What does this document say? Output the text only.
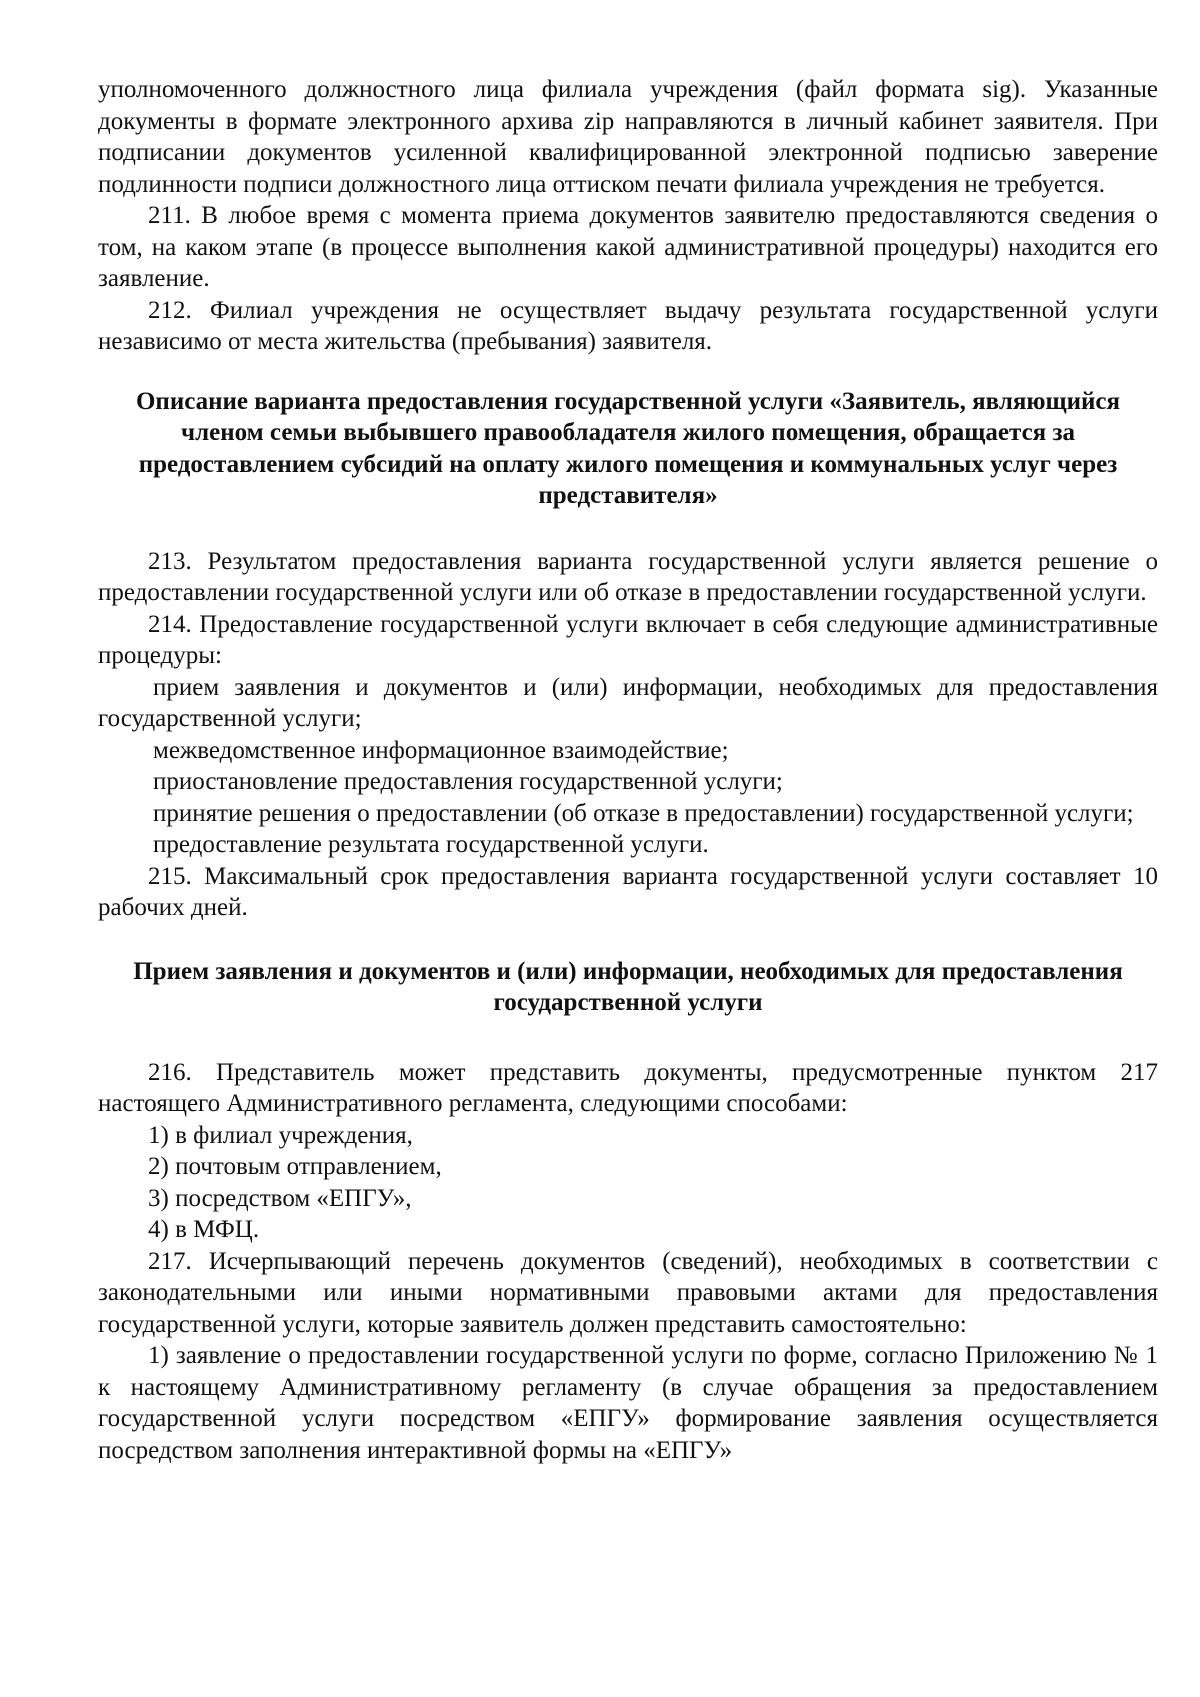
уполномоченного должностного лица филиала учреждения (файл формата sig). Указанные документы в формате электронного архива zip направляются в личный кабинет заявителя. При подписании документов усиленной квалифицированной электронной подписью заверение подлинности подписи должностного лица оттиском печати филиала учреждения не требуется.

211. В любое время с момента приема документов заявителю предоставляются сведения о том, на каком этапе (в процессе выполнения какой административной процедуры) находится его заявление.

212. Филиал учреждения не осуществляет выдачу результата государственной услуги независимо от места жительства (пребывания) заявителя.

Описание варианта предоставления государственной услуги «Заявитель, являющийся членом семьи выбывшего правообладателя жилого помещения, обращается за предоставлением субсидий на оплату жилого помещения и коммунальных услуг через представителя»

213. Результатом предоставления варианта государственной услуги является решение о предоставлении государственной услуги или об отказе в предоставлении государственной услуги.

214. Предоставление государственной услуги включает в себя следующие административные процедуры:

прием заявления и документов и (или) информации, необходимых для предоставления государственной услуги;

межведомственное информационное взаимодействие;

приостановление предоставления государственной услуги;

принятие решения о предоставлении (об отказе в предоставлении) государственной услуги;

предоставление результата государственной услуги.

215. Максимальный срок предоставления варианта государственной услуги составляет 10 рабочих дней.

Прием заявления и документов и (или) информации, необходимых для предоставления государственной услуги

216. Представитель может представить документы, предусмотренные пунктом 217 настоящего Административного регламента, следующими способами:

1) в филиал учреждения,

2) почтовым отправлением,

3) посредством «ЕПГУ»,

4) в МФЦ.

217. Исчерпывающий перечень документов (сведений), необходимых в соответствии с законодательными или иными нормативными правовыми актами для предоставления государственной услуги, которые заявитель должен представить самостоятельно:

1) заявление о предоставлении государственной услуги по форме, согласно Приложению № 1 к настоящему Административному регламенту (в случае обращения за предоставлением государственной услуги посредством «ЕПГУ» формирование заявления осуществляется посредством заполнения интерактивной формы на «ЕПГУ»
